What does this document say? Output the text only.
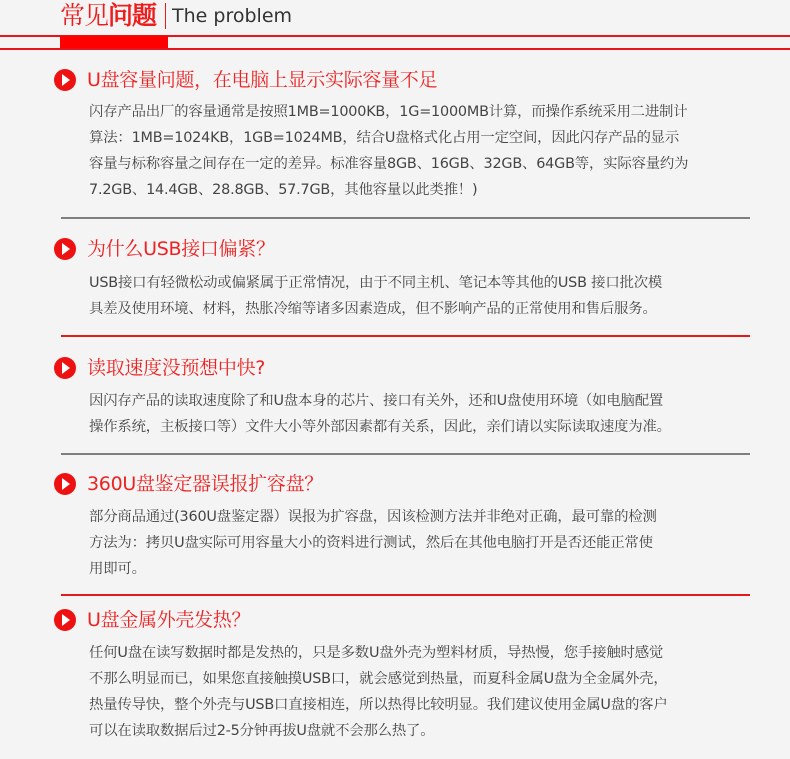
常见问题 The problem
U盘容量问题，在电脑上显示实际容量不足

闪存产品出厂的容量通常是按照1MB=1000KB，1G=1000MB计算，而操作系统采用二进制计

算法：1MB=1024KB，1GB=1024MB，结合U盘格式化占用一定空间，因此闪存产品的显示

容量与标称容量之间存在一定的差异。标准容量8GB、16GB、32GB、64GB等，实际容量约为

7.2GB、14.4GB、28.8GB、57.7GB，其他容量以此类推！)

为什么USB接口偏紧？

USB接口有轻微松动或偏紧属于正常情况，由于不同主机、笔记本等其他的USB 接口批次模

具差及使用环境、材料，热胀冷缩等诸多因素造成，但不影响产品的正常使用和售后服务。

读取速度没预想中快?

因闪存产品的读取速度除了和U盘本身的芯片、接口有关外，还和U盘使用环境（如电脑配置

操作系统，主板接口等）文件大小等外部因素都有关系，因此，亲们请以实际读取速度为准。

360U盘鉴定器误报扩容盘？

部分商品通过(360U盘鉴定器）误报为扩容盘，因该检测方法并非绝对正确，最可靠的检测

方法为：拷贝U盘实际可用容量大小的资料进行测试，然后在其他电脑打开是否还能正常使

用即可。

U盘金属外壳发热？

任何U盘在读写数据时都是发热的，只是多数U盘外壳为塑料材质，导热慢，您手接触时感觉

不那么明显而已，如果您直接触摸USB口，就会感觉到热量，而夏科金属U盘为全金属外壳，

热量传导快，整个外壳与USB口直接相连，所以热得比较明显。我们建议使用金属U盘的客户

可以在读取数据后过2-5分钟再拔U盘就不会那么热了。
